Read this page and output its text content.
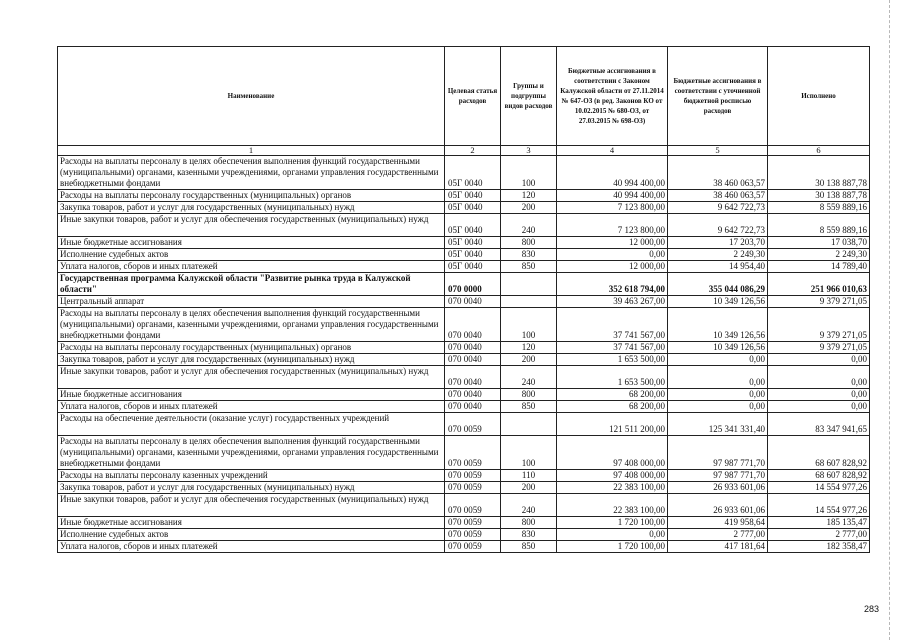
Наименование	Целевая статья расходов	Группы и подгруппы видов расходов	Бюджетные ассигнования в соответствии с Законом Калужской области от 27.11.2014 № 647-ОЗ (в ред. Законов КО от 10.02.2015 № 680-ОЗ, от 27.03.2015 № 698-ОЗ)	Бюджетные ассигнования в соответствии с уточненной бюджетной росписью расходов	Исполнено
1	2	3	4	5	6
Расходы на выплаты персоналу в целях обеспечения выполнения функций государственными (муниципальными) органами, казенными учреждениями, органами управления государственными внебюджетными фондами	05Г 0040	100	40 994 400,00	38 460 063,57	30 138 887,78
Расходы на выплаты персоналу государственных (муниципальных) органов	05Г 0040	120	40 994 400,00	38 460 063,57	30 138 887,78
Закупка товаров, работ и услуг для государственных (муниципальных) нужд	05Г 0040	200	7 123 800,00	9 642 722,73	8 559 889,16
Иные закупки товаров, работ и услуг для обеспечения государственных (муниципальных) нужд	05Г 0040	240	7 123 800,00	9 642 722,73	8 559 889,16
Иные бюджетные ассигнования	05Г 0040	800	12 000,00	17 203,70	17 038,70
Исполнение судебных актов	05Г 0040	830	0,00	2 249,30	2 249,30
Уплата налогов, сборов и иных платежей	05Г 0040	850	12 000,00	14 954,40	14 789,40
Государственная программа Калужской области "Развитие рынка труда в Калужской области"	070 0000		352 618 794,00	355 044 086,29	251 966 010,63
Центральный аппарат	070 0040		39 463 267,00	10 349 126,56	9 379 271,05
Расходы на выплаты персоналу в целях обеспечения выполнения функций государственными (муниципальными) органами, казенными учреждениями, органами управления государственными внебюджетными фондами	070 0040	100	37 741 567,00	10 349 126,56	9 379 271,05
Расходы на выплаты персоналу государственных (муниципальных) органов	070 0040	120	37 741 567,00	10 349 126,56	9 379 271,05
Закупка товаров, работ и услуг для государственных (муниципальных) нужд	070 0040	200	1 653 500,00	0,00	0,00
Иные закупки товаров, работ и услуг для обеспечения государственных (муниципальных) нужд	070 0040	240	1 653 500,00	0,00	0,00
Иные бюджетные ассигнования	070 0040	800	68 200,00	0,00	0,00
Уплата налогов, сборов и иных платежей	070 0040	850	68 200,00	0,00	0,00
Расходы на обеспечение деятельности (оказание услуг) государственных учреждений	070 0059		121 511 200,00	125 341 331,40	83 347 941,65
Расходы на выплаты персоналу в целях обеспечения выполнения функций государственными (муниципальными) органами, казенными учреждениями, органами управления государственными внебюджетными фондами	070 0059	100	97 408 000,00	97 987 771,70	68 607 828,92
Расходы на выплаты персоналу казенных учреждений	070 0059	110	97 408 000,00	97 987 771,70	68 607 828,92
Закупка товаров, работ и услуг для государственных (муниципальных) нужд	070 0059	200	22 383 100,00	26 933 601,06	14 554 977,26
Иные закупки товаров, работ и услуг для обеспечения государственных (муниципальных) нужд	070 0059	240	22 383 100,00	26 933 601,06	14 554 977,26
Иные бюджетные ассигнования	070 0059	800	1 720 100,00	419 958,64	185 135,47
Исполнение судебных актов	070 0059	830	0,00	2 777,00	2 777,00
Уплата налогов, сборов и иных платежей	070 0059	850	1 720 100,00	417 181,64	182 358,47
283
